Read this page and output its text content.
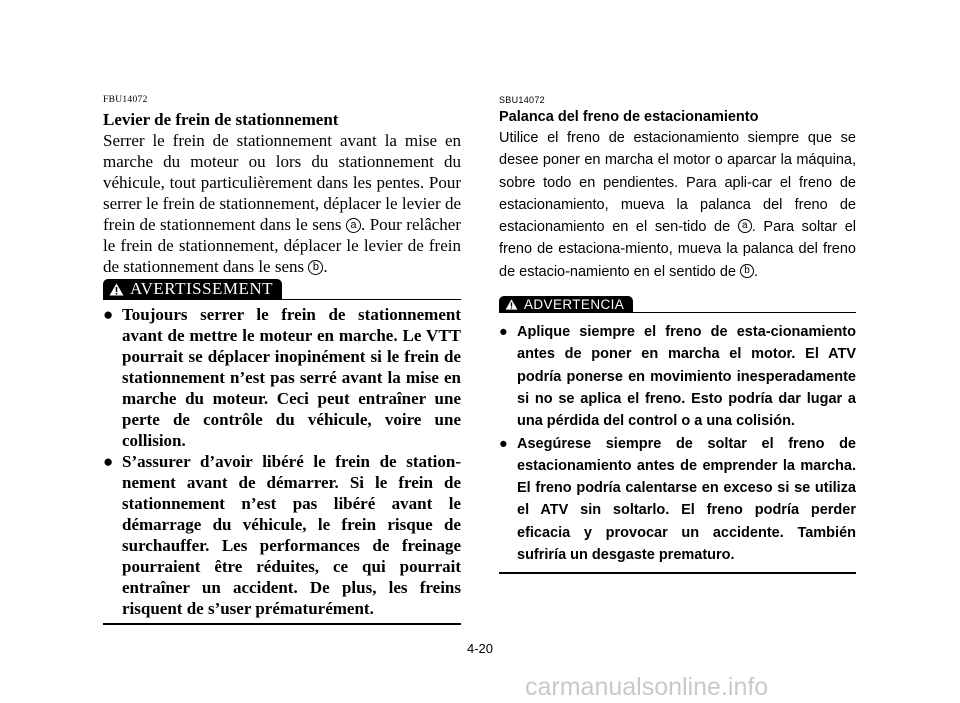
FBU14072
Levier de frein de stationnement

Serrer le frein de stationnement avant la mise en marche du moteur ou lors du stationnement du véhicule, tout particulièrement dans les pentes. Pour serrer le frein de stationnement, déplacer le levier de frein de stationnement dans le sens a . Pour relâcher le frein de stationnement, déplacer le levier de frein de stationnement dans le sens b .

AVERTISSEMENT
● Toujours serrer le frein de stationnement avant de mettre le moteur en marche. Le VTT pourrait se déplacer inopinément si le frein de stationnement n’est pas serré avant la mise en marche du moteur. Ceci peut entraîner une perte de contrôle du véhicule, voire une collision.
● S’assurer d’avoir libéré le frein de station-nement avant de démarrer. Si le frein de stationnement n’est pas libéré avant le démarrage du véhicule, le frein risque de surchauffer. Les performances de freinage pourraient être réduites, ce qui pourrait entraîner un accident. De plus, les freins risquent de s’user prématurément.
SBU14072
Palanca del freno de estacionamiento

Utilice el freno de estacionamiento siempre que se desee poner en marcha el motor o aparcar la máquina, sobre todo en pendientes. Para apli-car el freno de estacionamiento, mueva la palanca del freno de estacionamiento en el sen-tido de a . Para soltar el freno de estaciona-miento, mueva la palanca del freno de estacio-namiento en el sentido de b .

ADVERTENCIA
● Aplique siempre el freno de esta-cionamiento antes de poner en marcha el motor. El ATV podría ponerse en movimiento inesperadamente si no se aplica el freno. Esto podría dar lugar a una pérdida del control o a una colisión.
● Asegúrese siempre de soltar el freno de estacionamiento antes de emprender la marcha. El freno podría calentarse en exceso si se utiliza el ATV sin soltarlo. El freno podría perder eficacia y provocar un accidente. También sufriría un desgaste prematuro.
4-20
carmanualsonline.info
